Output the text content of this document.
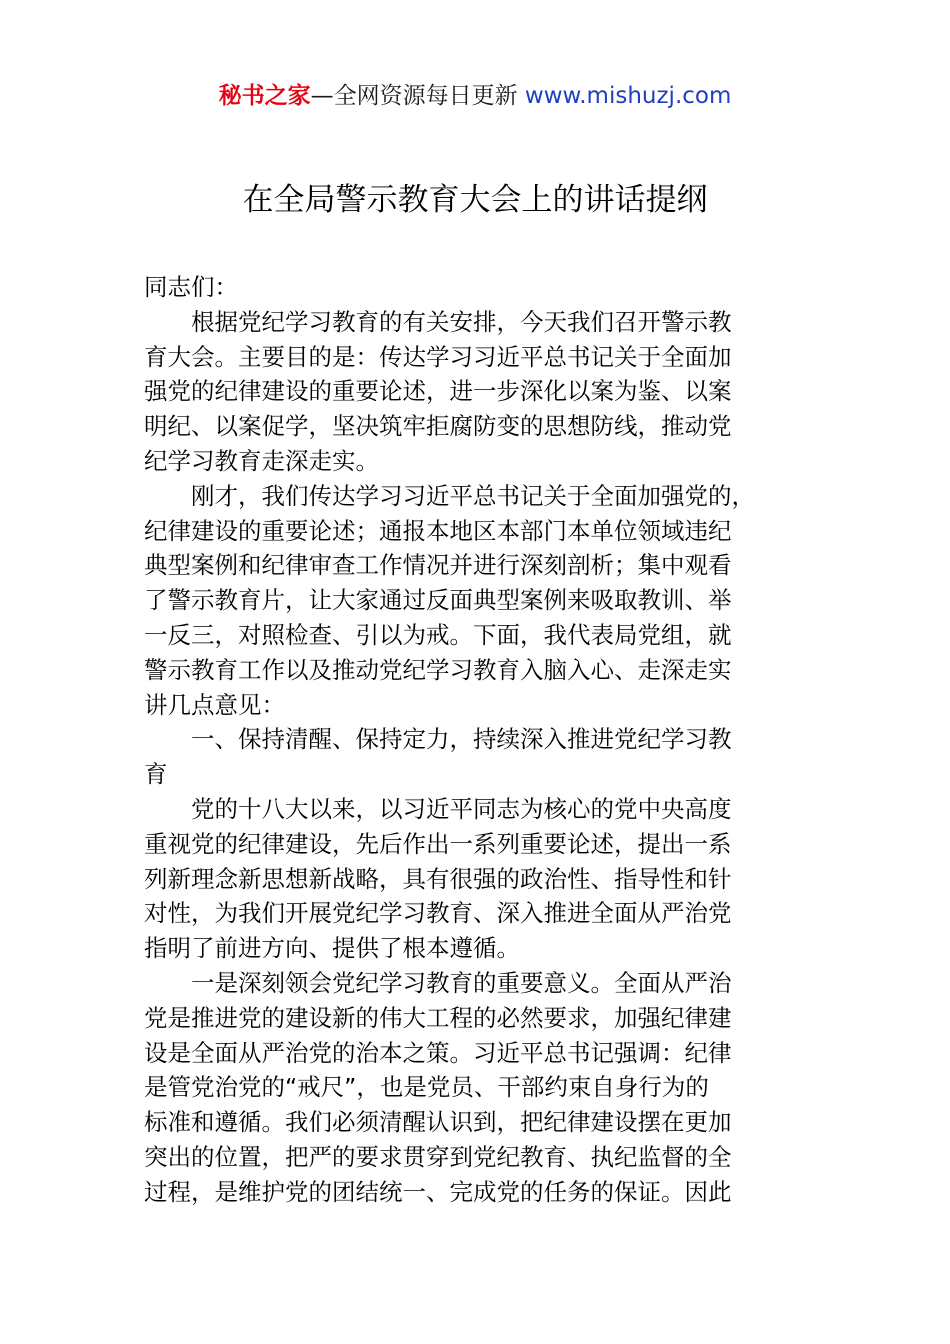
秘书之家—全网资源每日更新 www.mishuzj.com
在全局警示教育大会上的讲话提纲
同志们：
根据党纪学习教育的有关安排，今天我们召开警示教
育大会。主要目的是：传达学习习近平总书记关于全面加
强党的纪律建设的重要论述，进一步深化以案为鉴、以案
明纪、以案促学，坚决筑牢拒腐防变的思想防线，推动党
纪学习教育走深走实。
刚才，我们传达学习习近平总书记关于全面加强党的，
纪律建设的重要论述；通报本地区本部门本单位领域违纪
典型案例和纪律审查工作情况并进行深刻剖析；集中观看
了警示教育片，让大家通过反面典型案例来吸取教训、举
一反三，对照检查、引以为戒。下面，我代表局党组，就
警示教育工作以及推动党纪学习教育入脑入心、走深走实
讲几点意见：
一、保持清醒、保持定力，持续深入推进党纪学习教
育
党的十八大以来，以习近平同志为核心的党中央高度
重视党的纪律建设，先后作出一系列重要论述，提出一系
列新理念新思想新战略，具有很强的政治性、指导性和针
对性，为我们开展党纪学习教育、深入推进全面从严治党
指明了前进方向、提供了根本遵循。
一是深刻领会党纪学习教育的重要意义。全面从严治
党是推进党的建设新的伟大工程的必然要求，加强纪律建
设是全面从严治党的治本之策。习近平总书记强调：纪律
是管党治党的“戒尺”，也是党员、干部约束自身行为的
标准和遵循。我们必须清醒认识到，把纪律建设摆在更加
突出的位置，把严的要求贯穿到党纪教育、执纪监督的全
过程，是维护党的团结统一、完成党的任务的保证。因此
